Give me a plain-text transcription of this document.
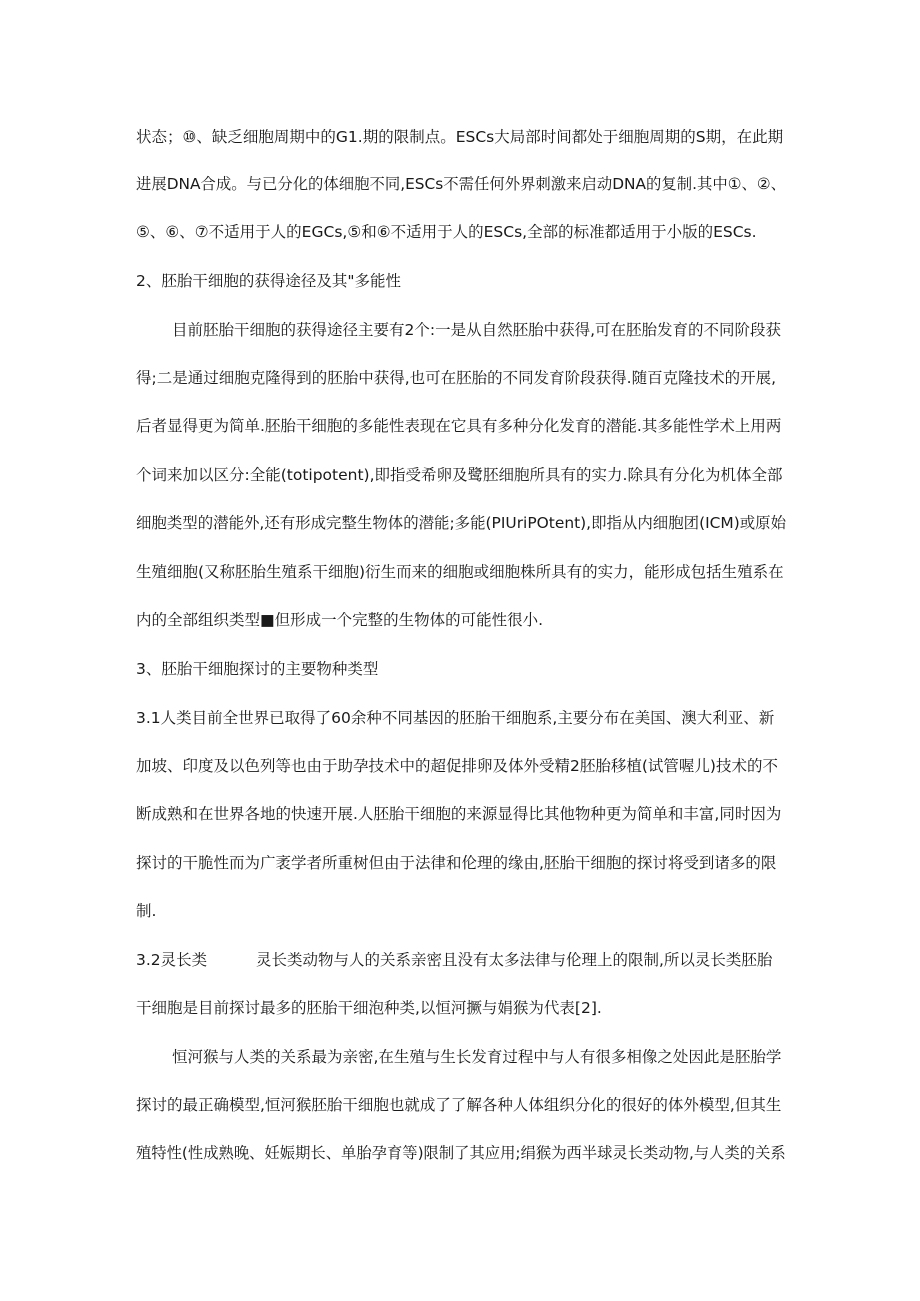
状态；⑩、缺乏细胞周期中的G1.期的限制点。ESCs大局部时间都处于细胞周期的S期，在此期
进展DNA合成。与已分化的体细胞不同,ESCs不需任何外界刺激来启动DNA的复制.其中①、②、
⑤、⑥、⑦不适用于人的EGCs,⑤和⑥不适用于人的ESCs,全部的标准都适用于小版的ESCs.
2、胚胎干细胞的获得途径及其"多能性
目前胚胎干细胞的获得途径主要有2个:一是从自然胚胎中获得,可在胚胎发育的不同阶段获
得;二是通过细胞克隆得到的胚胎中获得,也可在胚胎的不同发育阶段获得.随百克隆技术的开展,
后者显得更为简单.胚胎干细胞的多能性表现在它具有多种分化发育的潜能.其多能性学术上用两
个词来加以区分:全能(totipotent),即指受希卵及鹭胚细胞所具有的实力.除具有分化为机体全部
细胞类型的潜能外,还有形成完整生物体的潜能;多能(PIUriPOtent),即指从内细胞团(ICM)或原始
生殖细胞(又称胚胎生殖系干细胞)衍生而来的细胞或细胞株所具有的实力，能形成包括生殖系在
内的全部组织类型■但形成一个完整的生物体的可能性很小.
3、胚胎干细胞探讨的主要物种类型
3.1人类目前全世界已取得了60余种不同基因的胚胎干细胞系,主要分布在美国、澳大利亚、新
加坡、印度及以色列等也由于助孕技术中的超促排卵及体外受精2胚胎移植(试管喔儿)技术的不
断成熟和在世界各地的快速开展.人胚胎干细胞的来源显得比其他物种更为简单和丰富,同时因为
探讨的干脆性而为广袤学者所重树但由于法律和伦理的缘由,胚胎干细胞的探讨将受到诸多的限
制.
3.2灵长类	灵长类动物与人的关系亲密且没有太多法律与伦理上的限制,所以灵长类胚胎
干细胞是目前探讨最多的胚胎干细泡种类,以恒河撅与娟猴为代表[2].
恒河猴与人类的关系最为亲密,在生殖与生长发育过程中与人有很多相像之处因此是胚胎学
探讨的最正确模型,恒河猴胚胎干细胞也就成了了解各种人体组织分化的很好的体外模型,但其生
殖特性(性成熟晚、妊娠期长、单胎孕育等)限制了其应用;绢猴为西半球灵长类动物,与人类的关系
